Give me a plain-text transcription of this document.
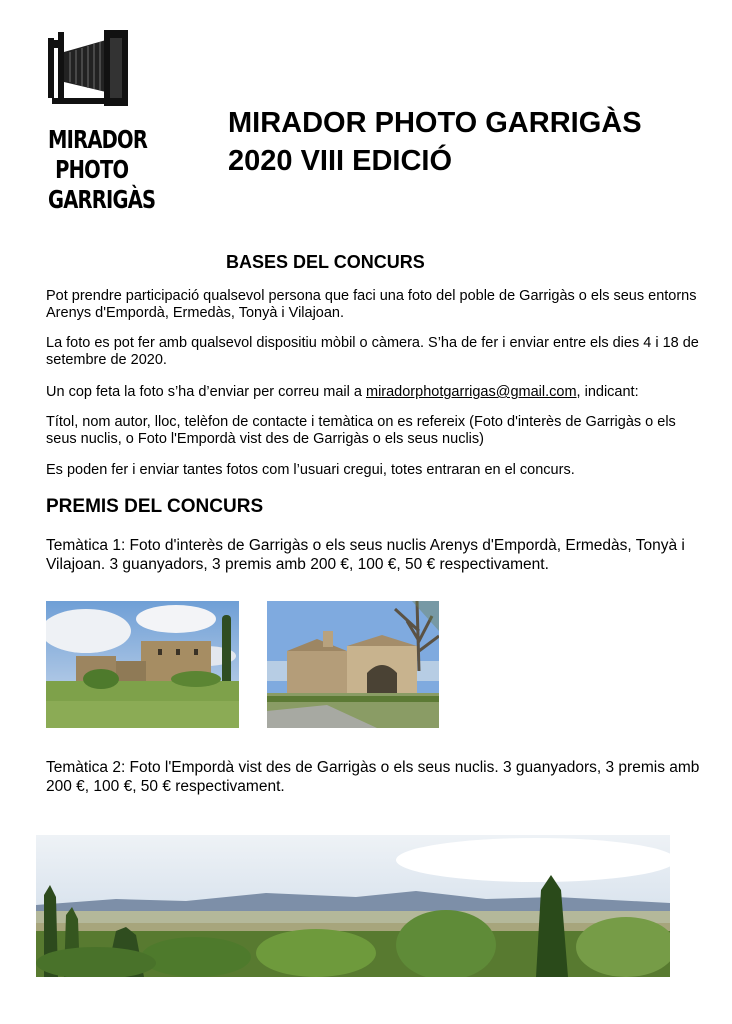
MIRADOR
PHOTO
GARRIGÀS
MIRADOR PHOTO GARRIGÀS
2020 VIII EDICIÓ
BASES DEL CONCURS

Pot prendre participació qualsevol persona que faci una foto del poble de Garrigàs o els seus entorns Arenys d'Empordà, Ermedàs, Tonyà i Vilajoan.

La foto es pot fer amb qualsevol dispositiu mòbil o càmera. S’ha de fer i enviar entre els dies 4 i 18 de setembre de 2020.

Un cop feta la foto s’ha d’enviar per correu mail a miradorphotgarrigas@gmail.com, indicant:

Títol, nom autor, lloc, telèfon de contacte i temàtica on es refereix (Foto d'interès de Garrigàs o els seus nuclis, o Foto l'Empordà vist des de Garrigàs o els seus nuclis)

Es poden fer i enviar tantes fotos com l’usuari cregui, totes entraran en el concurs.

PREMIS DEL CONCURS

Temàtica 1: Foto d'interès de Garrigàs o els seus nuclis Arenys d'Empordà, Ermedàs, Tonyà i Vilajoan. 3 guanyadors, 3 premis amb 200 €, 100 €, 50 € respectivament.

Temàtica 2: Foto l'Empordà vist des de Garrigàs o els seus nuclis. 3 guanyadors, 3 premis amb 200 €, 100 €, 50 € respectivament.
